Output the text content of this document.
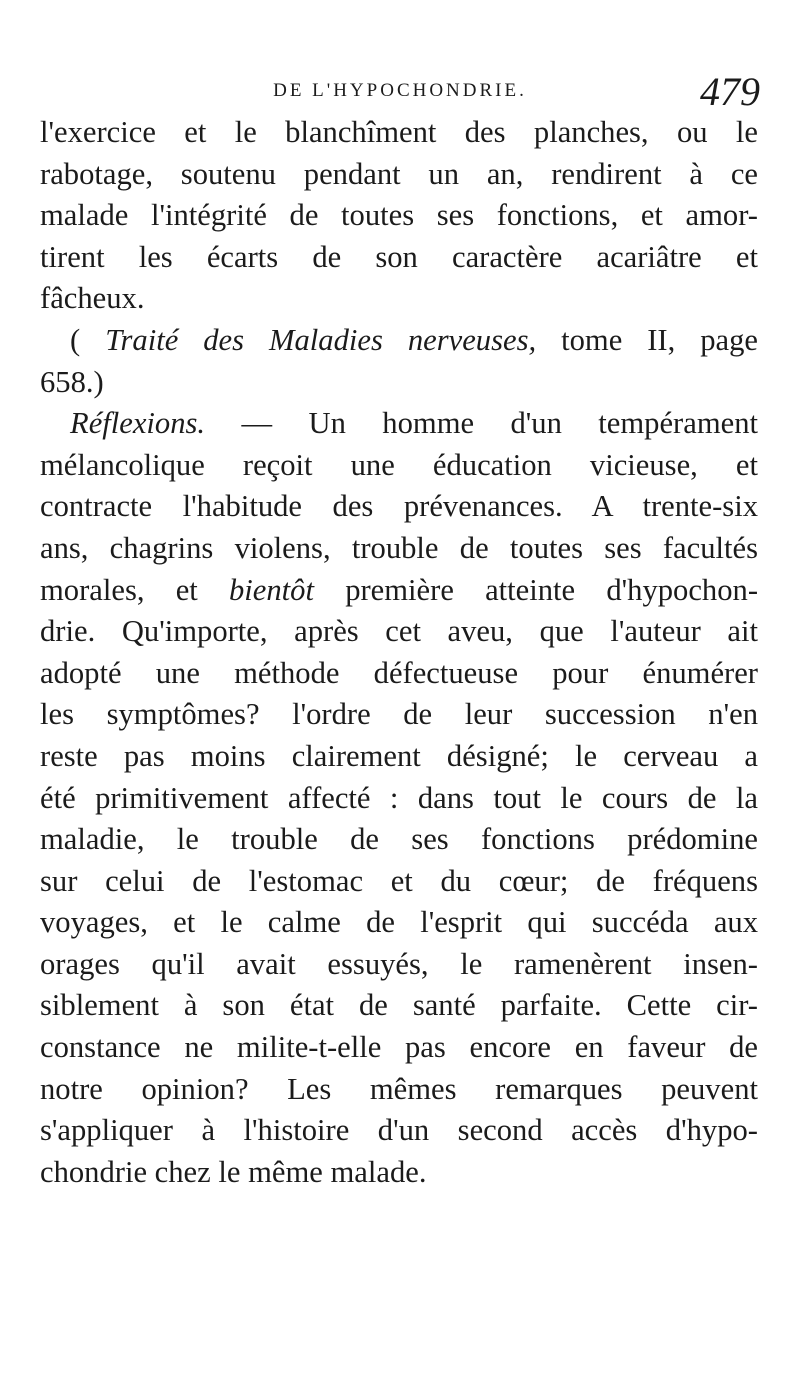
DE L'HYPOCHONDRIE.	479
l'exercice et le blanchîment des planches, ou le
rabotage, soutenu pendant un an, rendirent à ce
malade l'intégrité de toutes ses fonctions, et amor-
tirent les écarts de son caractère acariâtre et
fâcheux.
( Traité des Maladies nerveuses, tome II, page
658.)
Réflexions. — Un homme d'un tempérament
mélancolique reçoit une éducation vicieuse, et
contracte l'habitude des prévenances. A trente-six
ans, chagrins violens, trouble de toutes ses facultés
morales, et bientôt première atteinte d'hypochon-
drie. Qu'importe, après cet aveu, que l'auteur ait
adopté une méthode défectueuse pour énumérer
les symptômes? l'ordre de leur succession n'en
reste pas moins clairement désigné; le cerveau a
été primitivement affecté : dans tout le cours de la
maladie, le trouble de ses fonctions prédomine
sur celui de l'estomac et du cœur; de fréquens
voyages, et le calme de l'esprit qui succéda aux
orages qu'il avait essuyés, le ramenèrent insen-
siblement à son état de santé parfaite. Cette cir-
constance ne milite-t-elle pas encore en faveur de
notre opinion? Les mêmes remarques peuvent
s'appliquer à l'histoire d'un second accès d'hypo-
chondrie chez le même malade.
